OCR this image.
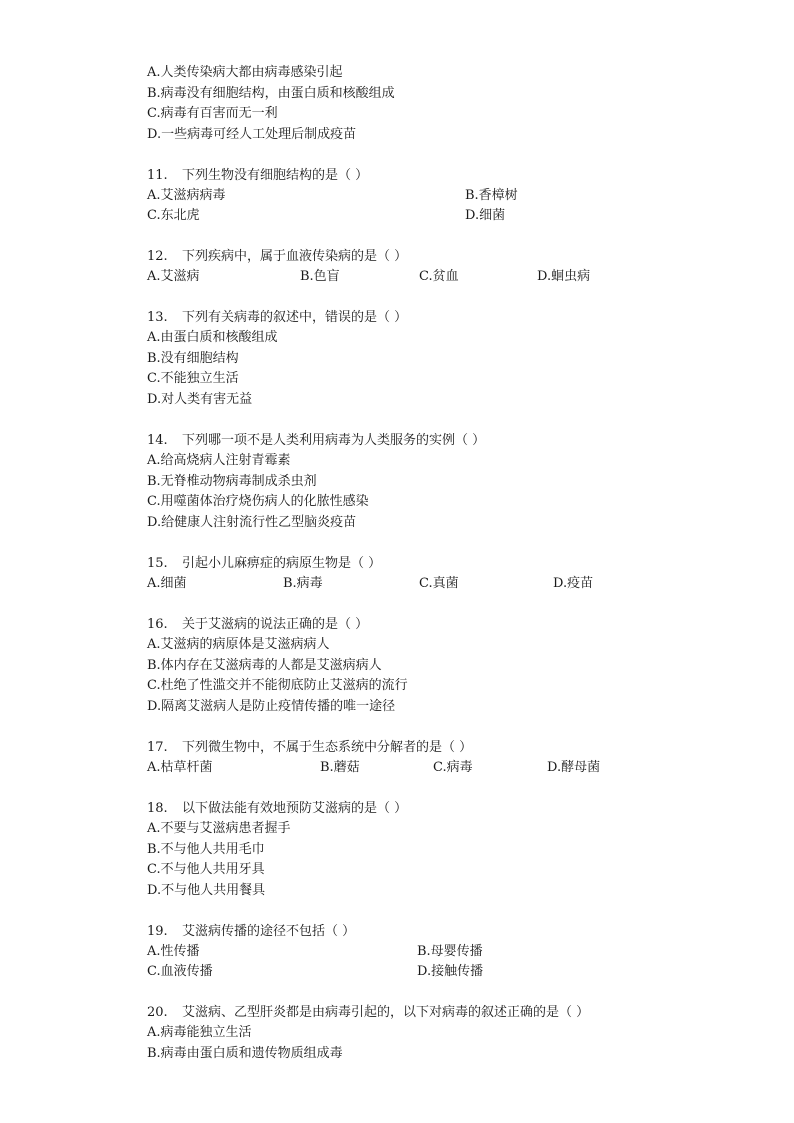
A.人类传染病大都由病毒感染引起
B.病毒没有细胞结构，由蛋白质和核酸组成
C.病毒有百害而无一利
D.一些病毒可经人工处理后制成疫苗
11. 下列生物没有细胞结构的是（ ）
A.艾滋病病毒	B.香樟树
C.东北虎	D.细菌
12. 下列疾病中，属于血液传染病的是（ ）
A.艾滋病	B.色盲	C.贫血	D.蛔虫病
13. 下列有关病毒的叙述中，错误的是（ ）
A.由蛋白质和核酸组成
B.没有细胞结构
C.不能独立生活
D.对人类有害无益
14. 下列哪一项不是人类利用病毒为人类服务的实例（ ）
A.给高烧病人注射青霉素
B.无脊椎动物病毒制成杀虫剂
C.用噬菌体治疗烧伤病人的化脓性感染
D.给健康人注射流行性乙型脑炎疫苗
15. 引起小儿麻痹症的病原生物是（ ）
A.细菌	B.病毒	C.真菌	D.疫苗
16. 关于艾滋病的说法正确的是（ ）
A.艾滋病的病原体是艾滋病病人
B.体内存在艾滋病毒的人都是艾滋病病人
C.杜绝了性滥交并不能彻底防止艾滋病的流行
D.隔离艾滋病人是防止疫情传播的唯一途径
17. 下列微生物中，不属于生态系统中分解者的是（ ）
A.枯草杆菌	B.蘑菇	C.病毒	D.酵母菌
18. 以下做法能有效地预防艾滋病的是（ ）
A.不要与艾滋病患者握手
B.不与他人共用毛巾
C.不与他人共用牙具
D.不与他人共用餐具
19. 艾滋病传播的途径不包括（ ）
A.性传播	B.母婴传播
C.血液传播	D.接触传播
20. 艾滋病、乙型肝炎都是由病毒引起的，以下对病毒的叙述正确的是（ ）
A.病毒能独立生活
B.病毒由蛋白质和遗传物质组成毒
